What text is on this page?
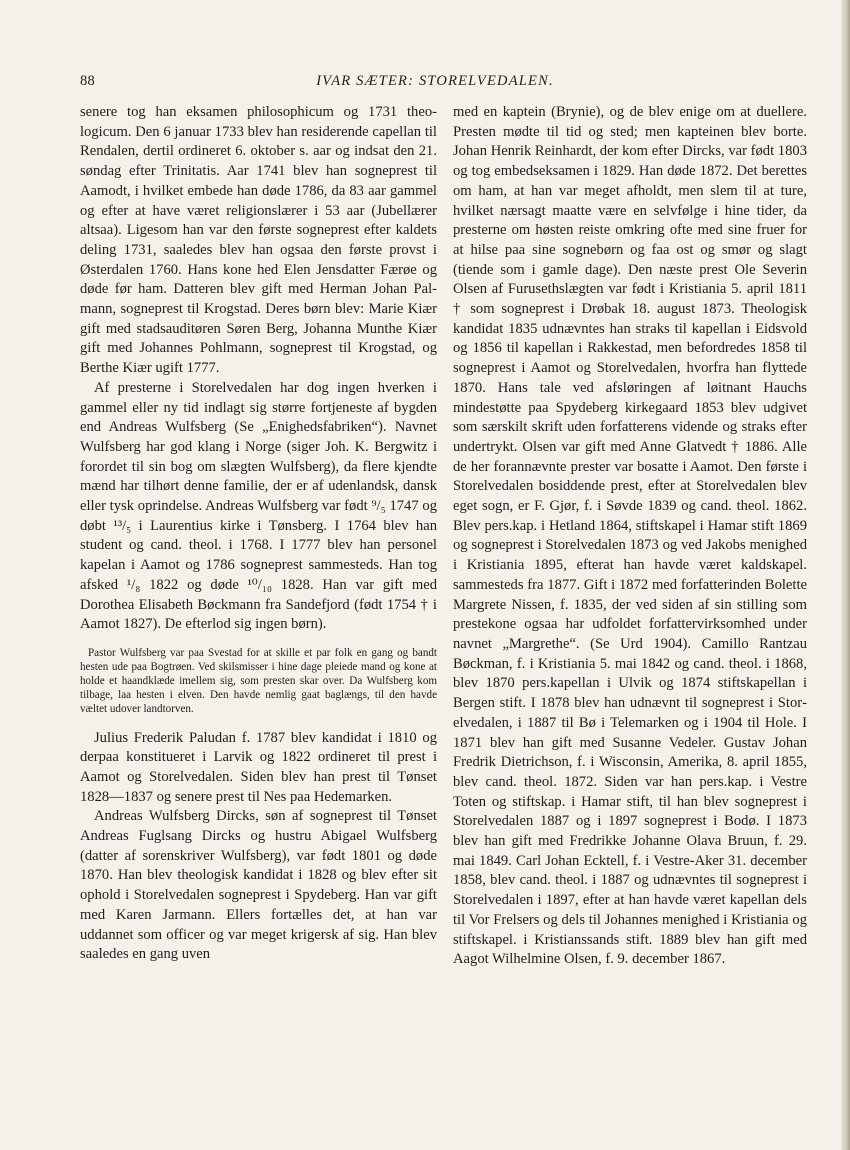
88	IVAR SÆTER: STORELVEDALEN.

senere tog han eksamen philosophicum og 1731 theologicum. Den 6 januar 1733 blev han residerende capellan til Rendalen, dertil ordineret 6. oktober s. aar og indsat den 21. søndag efter Trinitatis. Aar 1741 blev han sogneprest til Aamodt, i hvilket embede han døde 1786, da 83 aar gammel og efter at have været religionslærer i 53 aar (Jubellærer altsaa). Ligesom han var den første sogneprest efter kaldets deling 1731, saaledes blev han ogsaa den første provst i Østerdalen 1760. Hans kone hed Elen Jensdatter Færøe og døde før ham. Datteren blev gift med Herman Johan Palmann, sogneprest til Krogstad. Deres børn blev: Marie Kiær gift med stadsauditøren Søren Berg, Johanna Munthe Kiær gift med Johannes Pohlmann, sogneprest til Krogstad, og Berthe Kiær ugift 1777.

Af presterne i Storelvedalen har dog ingen hverken i gammel eller ny tid indlagt sig større fortjeneste af bygden end Andreas Wulfsberg (Se „Enighedsfabriken“). Navnet Wulfsberg har god klang i Norge (siger Joh. K. Bergwitz i forordet til sin bog om slægten Wulfsberg), da flere kjendte mænd har tilhørt denne familie, der er af udenlandsk, dansk eller tysk oprindelse. Andreas Wulfsberg var født ⁹/₅ 1747 og døbt ¹³/₅ i Laurentius kirke i Tønsberg. I 1764 blev han student og cand. theol. i 1768. I 1777 blev han personel kapelan i Aamot og 1786 sogneprest sammesteds. Han tog afsked ¹/₈ 1822 og døde ¹⁰/₁₀ 1828. Han var gift med Dorothea Elisabeth Bøckmann fra Sandefjord (født 1754 † i Aamot 1827). De efterlod sig ingen børn).

Pastor Wulfsberg var paa Svestad for at skille et par folk en gang og bandt hesten ude paa Bogtrøen. Ved skilsmisser i hine dage pleiede mand og kone at holde et haandklæde imellem sig, som presten skar over. Da Wulfsberg kom tilbage, laa hesten i elven. Den havde nemlig gaat baglængs, til den havde væltet udover landtorven.

Julius Frederik Paludan f. 1787 blev kandidat i 1810 og derpaa konstitueret i Larvik og 1822 ordineret til prest i Aamot og Storelvedalen. Siden blev han prest til Tønset 1828—1837 og senere prest til Nes paa Hedemarken.

Andreas Wulfsberg Dircks, søn af sogneprest til Tønset Andreas Fuglsang Dircks og hustru Abigael Wulfsberg (datter af sorenskriver Wulfsberg), var født 1801 og døde 1870. Han blev theologisk kandidat i 1828 og blev efter sit ophold i Storelvedalen sogneprest i Spydeberg. Han var gift med Karen Jarmann. Ellers fortælles det, at han var uddannet som officer og var meget krigersk af sig. Han blev saaledes en gang uven

med en kaptein (Brynie), og de blev enige om at duellere. Presten mødte til tid og sted; men kapteinen blev borte. Johan Henrik Reinhardt, der kom efter Dircks, var født 1803 og tog embedseksamen i 1829. Han døde 1872. Det berettes om ham, at han var meget afholdt, men slem til at ture, hvilket nærsagt maatte være en selvfølge i hine tider, da presterne om høsten reiste omkring ofte med sine fruer for at hilse paa sine sognebørn og faa ost og smør og slagt (tiende som i gamle dage). Den næste prest Ole Severin Olsen af Furusethslægten var født i Kristiania 5. april 1811 † som sogneprest i Drøbak 18. august 1873. Theologisk kandidat 1835 udnævntes han straks til kapellan i Eidsvold og 1856 til kapellan i Rakkestad, men befordredes 1858 til sogneprest i Aamot og Storelvedalen, hvorfra han flyttede 1870. Hans tale ved afsløringen af løitnant Hauchs mindestøtte paa Spydeberg kirkegaard 1853 blev udgivet som særskilt skrift uden forfatterens vidende og straks efter undertrykt. Olsen var gift med Anne Glatvedt † 1886. Alle de her forannævnte prester var bosatte i Aamot. Den første i Storelvedalen bosiddende prest, efter at Storelvedalen blev eget sogn, er F. Gjør, f. i Søvde 1839 og cand. theol. 1862. Blev pers.kap. i Hetland 1864, stiftskapel i Hamar stift 1869 og sogneprest i Storelvedalen 1873 og ved Jakobs menighed i Kristiania 1895, efterat han havde været kaldskapel. sammesteds fra 1877. Gift i 1872 med forfatterinden Bolette Margrete Nissen, f. 1835, der ved siden af sin stilling som prestekone ogsaa har udfoldet forfattervirksomhed under navnet „Margrethe“. (Se Urd 1904). Camillo Rantzau Bøckman, f. i Kristiania 5. mai 1842 og cand. theol. i 1868, blev 1870 pers.kapellan i Ulvik og 1874 stiftskapellan i Bergen stift. I 1878 blev han udnævnt til sogneprest i Storelvedalen, i 1887 til Bø i Telemarken og i 1904 til Hole. I 1871 blev han gift med Susanne Vedeler. Gustav Johan Fredrik Dietrichson, f. i Wisconsin, Amerika, 8. april 1855, blev cand. theol. 1872. Siden var han pers.kap. i Vestre Toten og stiftskap. i Hamar stift, til han blev sogneprest i Storelvedalen 1887 og i 1897 sogneprest i Bodø. I 1873 blev han gift med Fredrikke Johanne Olava Bruun, f. 29. mai 1849. Carl Johan Ecktell, f. i Vestre-Aker 31. december 1858, blev cand. theol. i 1887 og udnævntes til sogneprest i Storelvedalen i 1897, efter at han havde været kapellan dels til Vor Frelsers og dels til Johannes menighed i Kristiania og stiftskapel. i Kristianssands stift. 1889 blev han gift med Aagot Wilhelmine Olsen, f. 9. december 1867.
